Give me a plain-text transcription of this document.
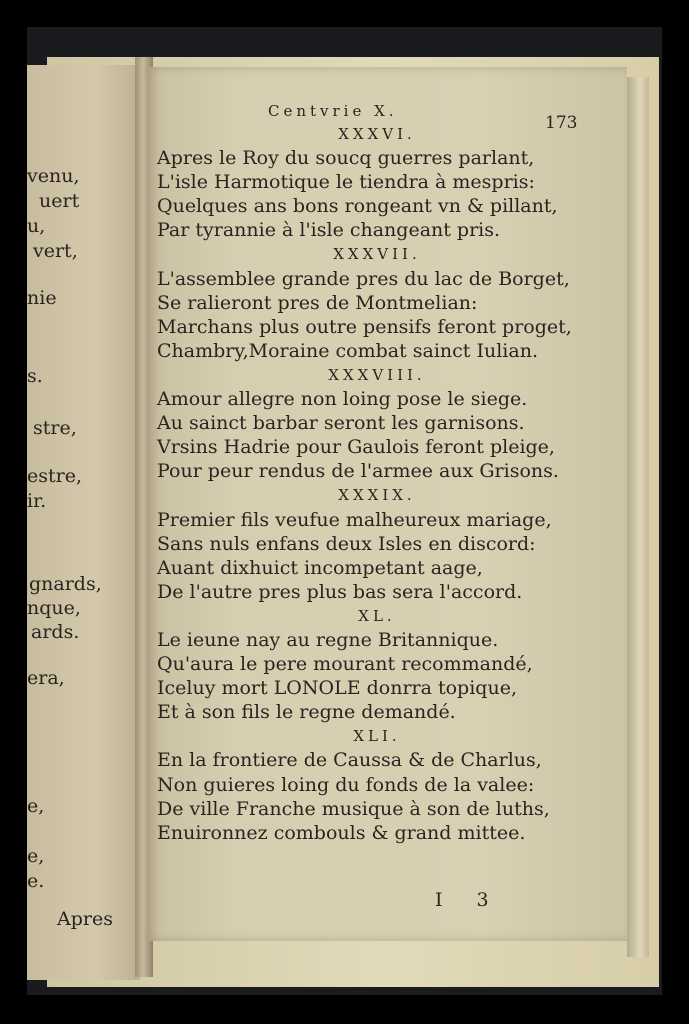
venu,
uert
u,
vert,
nie
s.
stre,
estre,
ir.
gnards,
nque,
ards.
era,
e,
e,
e.
Apres
Centvrie X.
173
XXXVI.
Apres le Roy du soucq guerres parlant,
L'isle Harmotique le tiendra à mespris:
Quelques ans bons rongeant vn & pillant,
Par tyrannie à l'isle changeant pris.
XXXVII.
L'assemblee grande pres du lac de Borget,
Se ralieront pres de Montmelian:
Marchans plus outre pensifs feront proget,
Chambry,Moraine combat sainct Iulian.
XXXVIII.
Amour allegre non loing pose le siege.
Au sainct barbar seront les garnisons.
Vrsins Hadrie pour Gaulois feront pleige,
Pour peur rendus de l'armee aux Grisons.
XXXIX.
Premier fils veufue malheureux mariage,
Sans nuls enfans deux Isles en discord:
Auant dixhuict incompetant aage,
De l'autre pres plus bas sera l'accord.
XL.
Le ieune nay au regne Britannique.
Qu'aura le pere mourant recommandé,
Iceluy mort LONOLE donrra topique,
Et à son fils le regne demandé.
XLI.
En la frontiere de Caussa & de Charlus,
Non guieres loing du fonds de la valee:
De ville Franche musique à son de luths,
Enuironnez combouls & grand mittee.
I 3
